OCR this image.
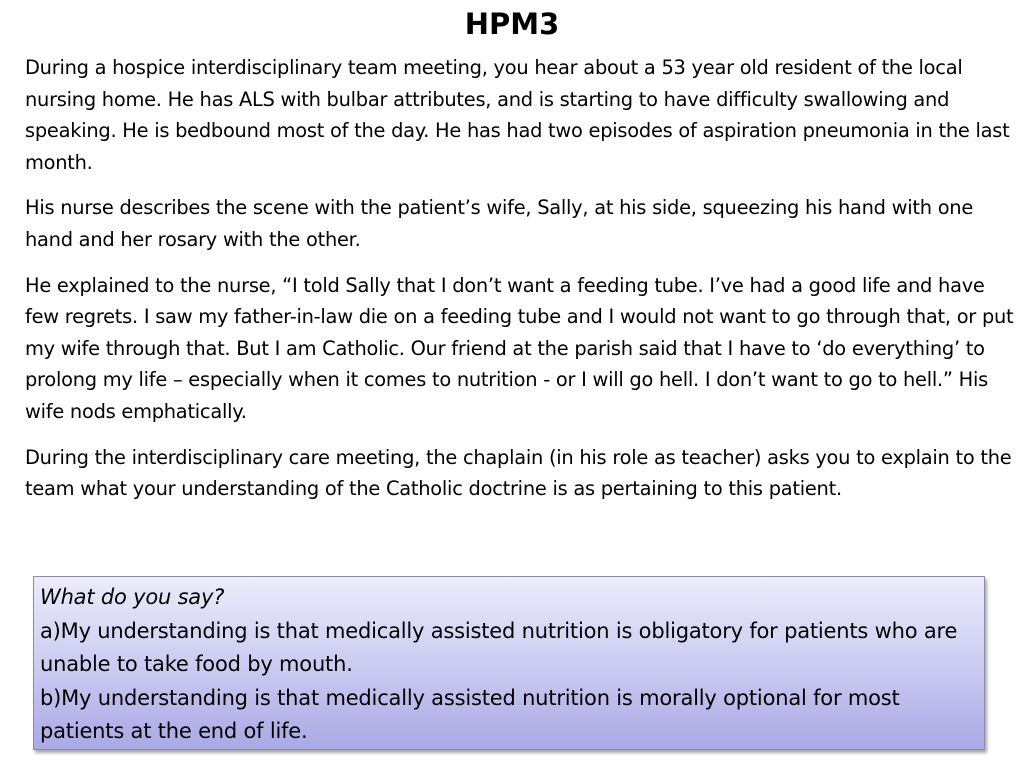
HPM3

During a hospice interdisciplinary team meeting, you hear about a 53 year old resident of the local nursing home. He has ALS with bulbar attributes, and is starting to have difficulty swallowing and speaking. He is bedbound most of the day. He has had two episodes of aspiration pneumonia in the last month.

His nurse describes the scene with the patient’s wife, Sally, at his side, squeezing his hand with one hand and her rosary with the other.

He explained to the nurse, “I told Sally that I don’t want a feeding tube. I’ve had a good life and have few regrets. I saw my father-in-law die on a feeding tube and I would not want to go through that, or put my wife through that. But I am Catholic. Our friend at the parish said that I have to ‘do everything’ to prolong my life – especially when it comes to nutrition - or I will go hell. I don’t want to go to hell.” His wife nods emphatically.

During the interdisciplinary care meeting, the chaplain (in his role as teacher) asks you to explain to the team what your understanding of the Catholic doctrine is as pertaining to this patient.

What do you say?

a)My understanding is that medically assisted nutrition is obligatory for patients who are unable to take food by mouth.

b)My understanding is that medically assisted nutrition is morally optional for most patients at the end of life.
